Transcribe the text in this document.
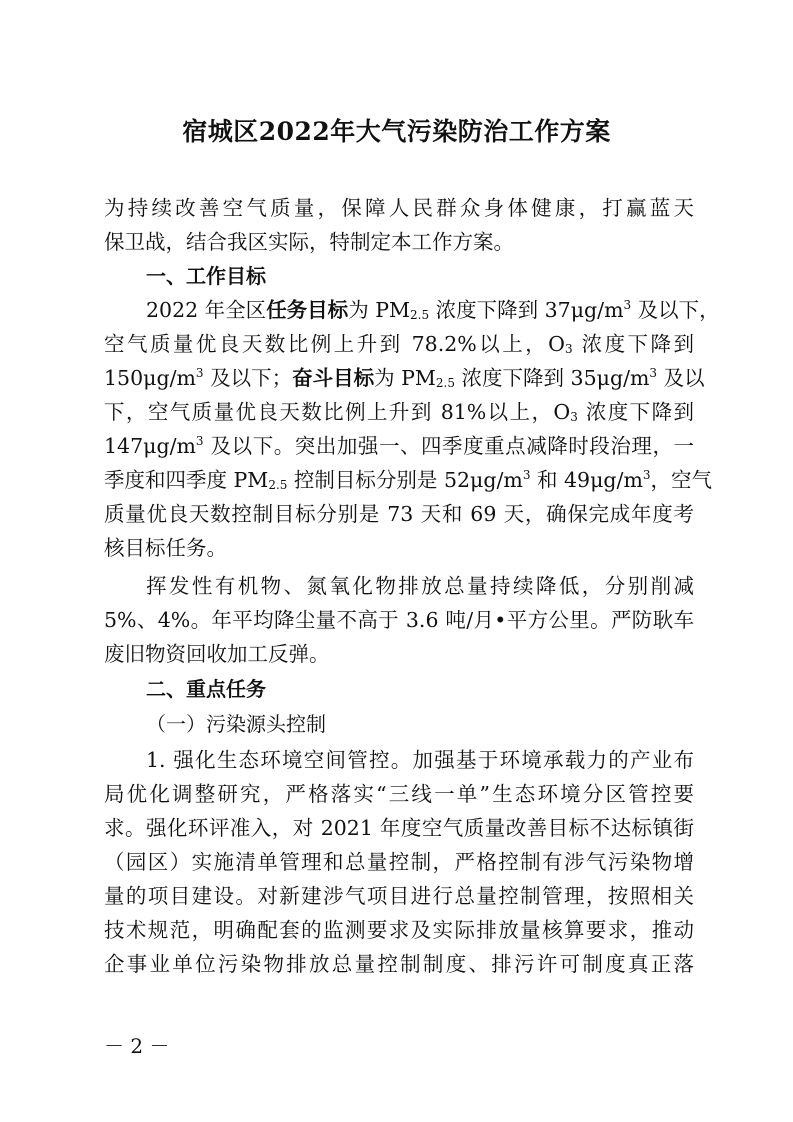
宿城区2022年大气污染防治工作方案
为持续改善空气质量，保障人民群众身体健康，打赢蓝天
保卫战，结合我区实际，特制定本工作方案。
一、工作目标
2022 年全区任务目标为 $PM_{2.5}$ 浓度下降到 $37\mu g/m^3$ 及以下，
空气质量优良天数比例上升到 78.2%以上，$O_3$ 浓度下降到
$150\mu g/m^3$ 及以下；奋斗目标为 $PM_{2.5}$ 浓度下降到 $35\mu g/m^3$ 及以
下，空气质量优良天数比例上升到 81%以上，$O_3$ 浓度下降到
$147\mu g/m^3$ 及以下。突出加强一、四季度重点减降时段治理，一
季度和四季度 $PM_{2.5}$ 控制目标分别是 $52\mu g/m^3$ 和 $49\mu g/m^3$，空气
质量优良天数控制目标分别是 73 天和 69 天，确保完成年度考
核目标任务。
挥发性有机物、氮氧化物排放总量持续降低，分别削减
5%、4%。年平均降尘量不高于 3.6 吨/月•平方公里。严防耿车
废旧物资回收加工反弹。
二、重点任务
（一）污染源头控制
1. 强化生态环境空间管控。加强基于环境承载力的产业布
局优化调整研究，严格落实“三线一单”生态环境分区管控要
求。强化环评准入，对 2021 年度空气质量改善目标不达标镇街
（园区）实施清单管理和总量控制，严格控制有涉气污染物增
量的项目建设。对新建涉气项目进行总量控制管理，按照相关
技术规范，明确配套的监测要求及实际排放量核算要求，推动
企事业单位污染物排放总量控制制度、排污许可制度真正落
－ 2 －
